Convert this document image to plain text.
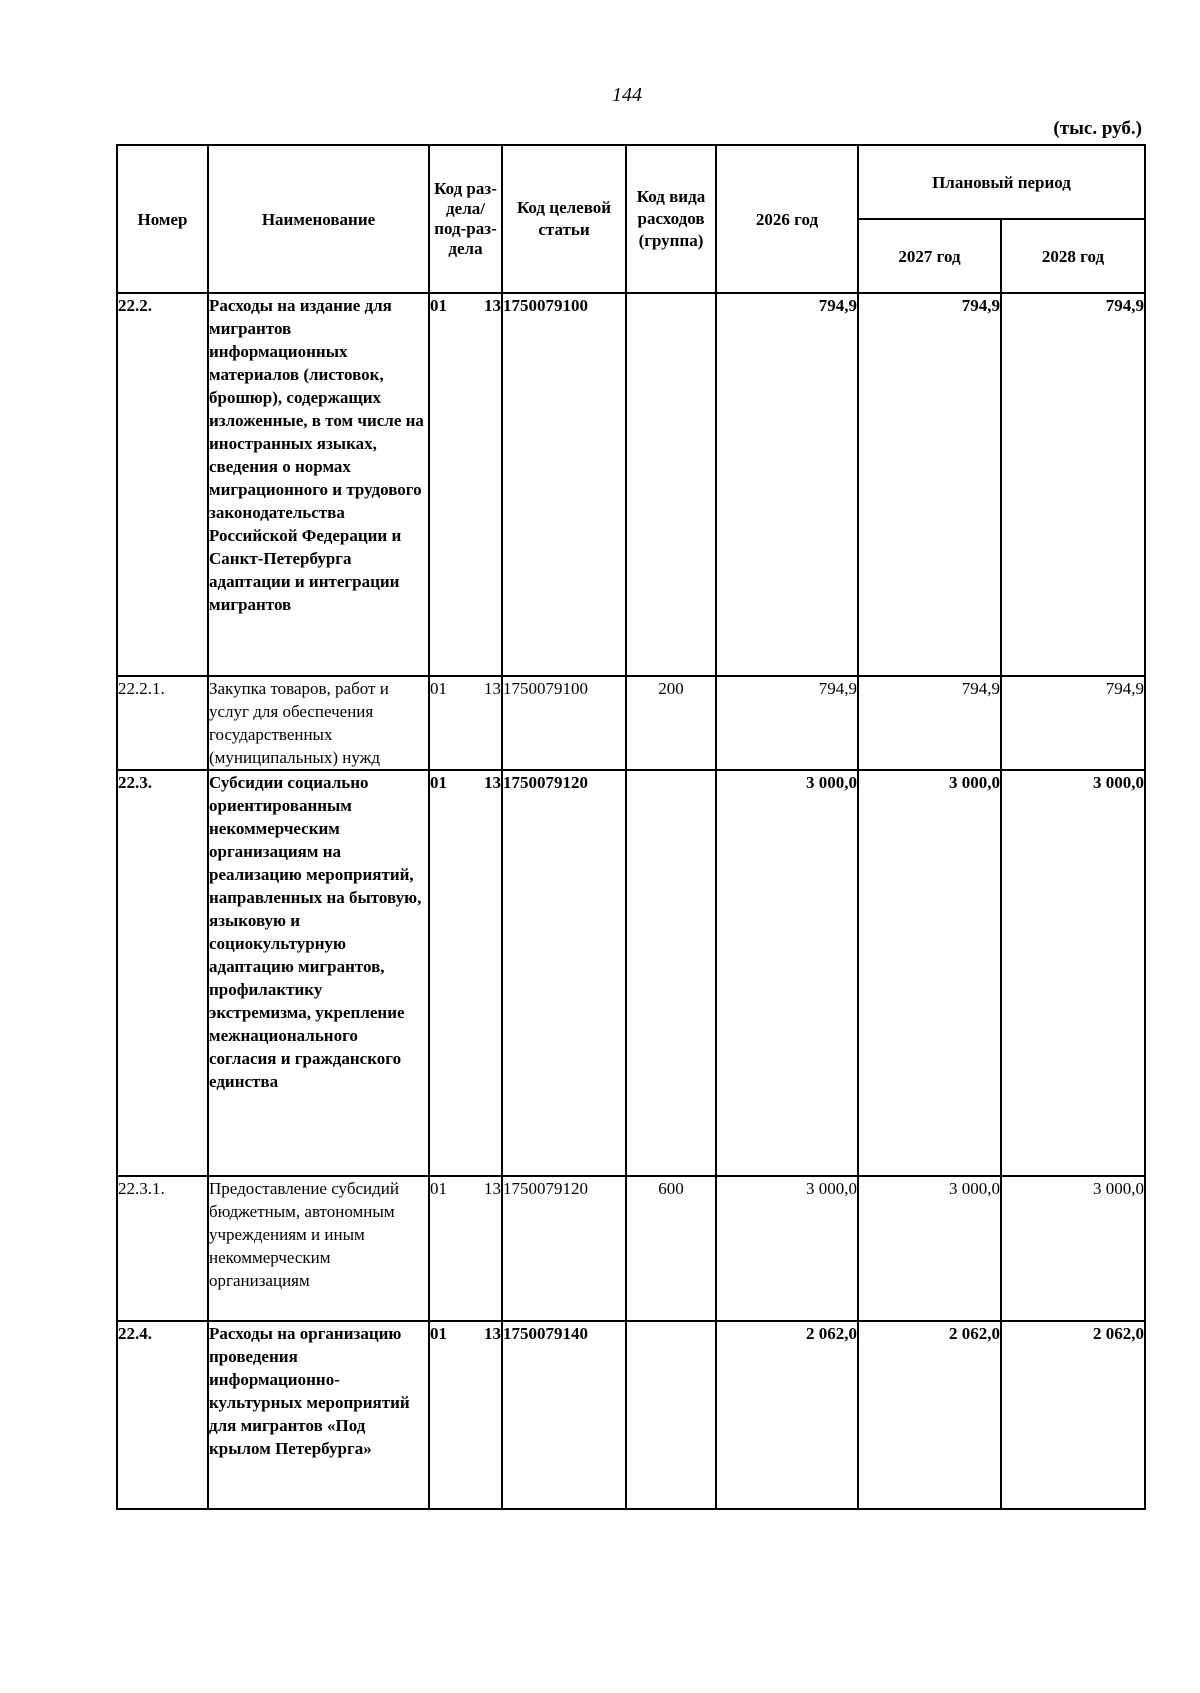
144
(тыс. руб.)
Номер	Наименование	Код раз-дела/ под-раз-дела	Код целевой статьи	Код вида расходов (группа)	2026 год	Плановый период	
						2027 год	2028 год
22.2.	Расходы на издание для мигрантов информационных материалов (листовок, брошюр), содержащих изложенные, в том числе на иностранных языках, сведения о нормах миграционного и трудового законодательства Российской Федерации и Санкт-Петербурга адаптации и интеграции мигрантов	01 13	1750079100		794,9	794,9	794,9
22.2.1.	Закупка товаров, работ и услуг для обеспечения государственных (муниципальных) нужд	01 13	1750079100	200	794,9	794,9	794,9
22.3.	Субсидии социально ориентированным некоммерческим организациям на реализацию мероприятий, направленных на бытовую, языковую и социокультурную адаптацию мигрантов, профилактику экстремизма, укрепление межнационального согласия и гражданского единства	01 13	1750079120		3 000,0	3 000,0	3 000,0
22.3.1.	Предоставление субсидий бюджетным, автономным учреждениям и иным некоммерческим организациям	01 13	1750079120	600	3 000,0	3 000,0	3 000,0
22.4.	Расходы на организацию проведения информационно-культурных мероприятий для мигрантов «Под крылом Петербурга»	01 13	1750079140		2 062,0	2 062,0	2 062,0
